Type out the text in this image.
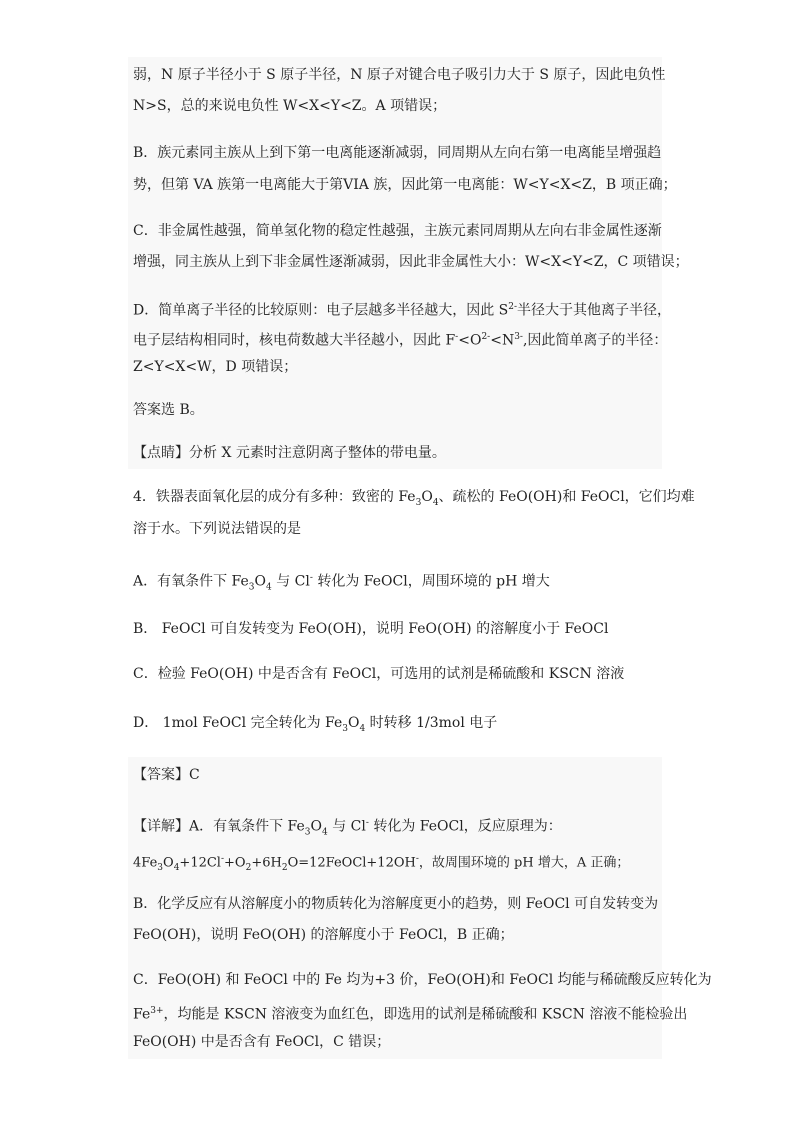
弱，N 原子半径小于 S 原子半径，N 原子对键合电子吸引力大于 S 原子，因此电负性
N>S，总的来说电负性 W<X<Y<Z。A 项错误；
B．族元素同主族从上到下第一电离能逐渐减弱，同周期从左向右第一电离能呈增强趋
势，但第 VA 族第一电离能大于第VIA 族，因此第一电离能：W<Y<X<Z，B 项正确；
C．非金属性越强，简单氢化物的稳定性越强，主族元素同周期从左向右非金属性逐渐
增强，同主族从上到下非金属性逐渐减弱，因此非金属性大小：W<X<Y<Z，C 项错误；
D．简单离子半径的比较原则：电子层越多半径越大，因此 $S^{2-}$半径大于其他离子半径，
电子层结构相同时，核电荷数越大半径越小，因此 $F^-<O^{2-}<N^{3-}$,因此简单离子的半径：
Z<Y<X<W，D 项错误；
答案选 B。
【点睛】分析 X 元素时注意阴离子整体的带电量。
4．铁器表面氧化层的成分有多种：致密的 $Fe_3O_4$、疏松的 FeO(OH)和 FeOCl，它们均难
溶于水。下列说法错误的是
A．有氧条件下 $Fe_3O_4$ 与 Cl- 转化为 FeOCl，周围环境的 pH 增大
B． FeOCl 可自发转变为 FeO(OH)，说明 FeO(OH) 的溶解度小于 FeOCl
C．检验 FeO(OH) 中是否含有 FeOCl，可选用的试剂是稀硫酸和 KSCN 溶液
D． 1mol FeOCl 完全转化为 $Fe_3O_4$ 时转移 1/3mol 电子
【答案】C
【详解】A．有氧条件下 $Fe_3O_4$ 与 Cl- 转化为 FeOCl，反应原理为：
$4Fe_3O_4+12Cl^-+O_2+6H_2O=12FeOCl+12OH^-$，故周围环境的 pH 增大，A 正确；
B．化学反应有从溶解度小的物质转化为溶解度更小的趋势，则 FeOCl 可自发转变为
FeO(OH)，说明 FeO(OH) 的溶解度小于 FeOCl，B 正确；
C．FeO(OH) 和 FeOCl 中的 Fe 均为+3 价，FeO(OH)和 FeOCl 均能与稀硫酸反应转化为
$Fe^{3+}$，均能是 KSCN 溶液变为血红色，即选用的试剂是稀硫酸和 KSCN 溶液不能检验出
FeO(OH) 中是否含有 FeOCl，C 错误；
